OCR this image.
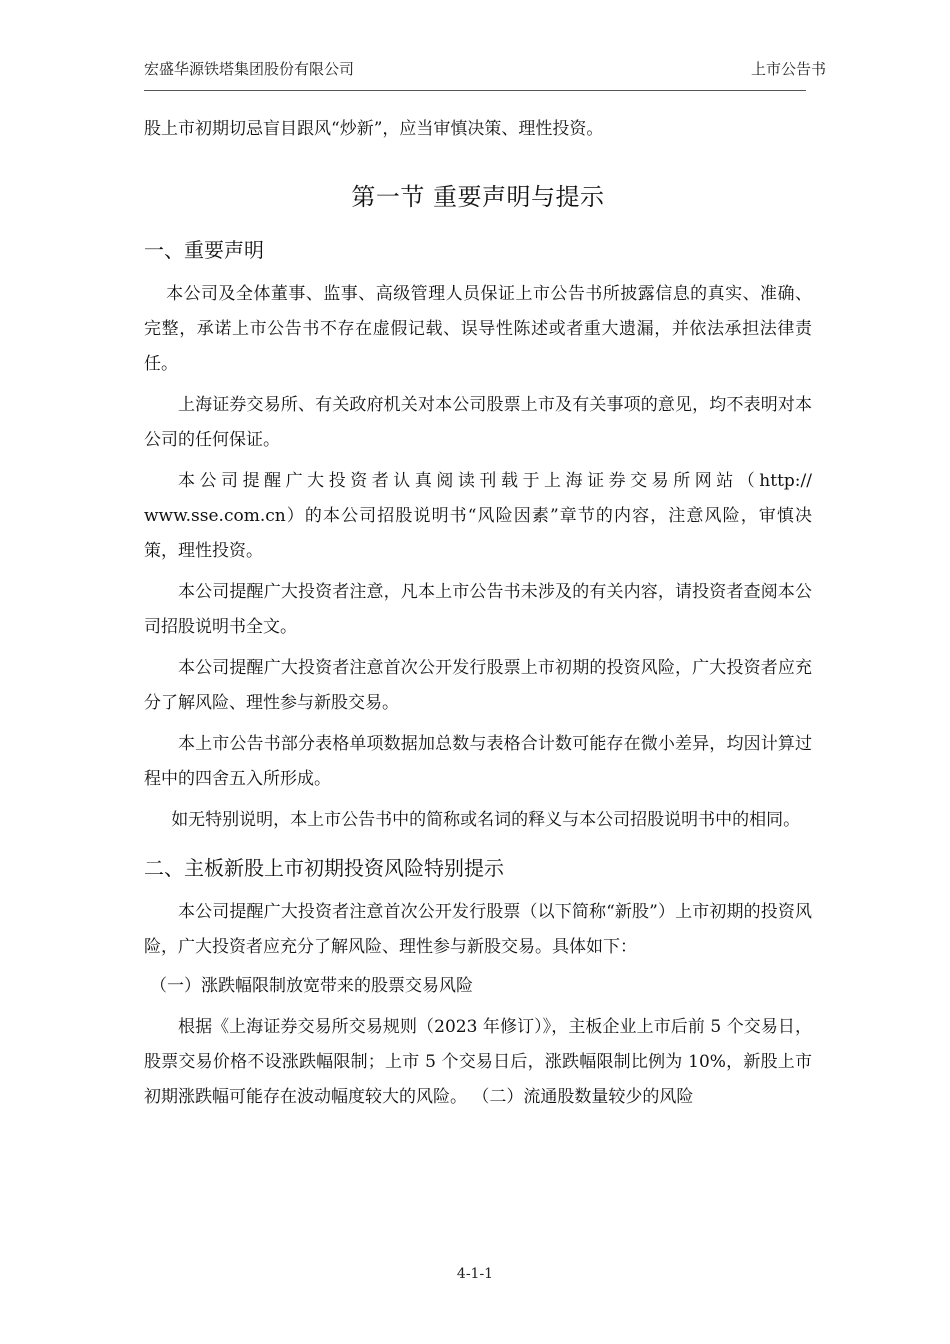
宏盛华源铁塔集团股份有限公司	上市公告书

股上市初期切忌盲目跟风“炒新”，应当审慎决策、理性投资。

第一节 重要声明与提示
一、重要声明

本公司及全体董事、监事、高级管理人员保证上市公告书所披露信息的真实、准确、完整，承诺上市公告书不存在虚假记载、误导性陈述或者重大遗漏，并依法承担法律责任。

上海证券交易所、有关政府机关对本公司股票上市及有关事项的意见，均不表明对本公司的任何保证。

本公司提醒广大投资者认真阅读刊载于上海证券交易所网站（http:// www.sse.com.cn）的本公司招股说明书“风险因素”章节的内容，注意风险，审慎决策，理性投资。

本公司提醒广大投资者注意，凡本上市公告书未涉及的有关内容，请投资者查阅本公司招股说明书全文。

本公司提醒广大投资者注意首次公开发行股票上市初期的投资风险，广大投资者应充分了解风险、理性参与新股交易。

本上市公告书部分表格单项数据加总数与表格合计数可能存在微小差异，均因计算过程中的四舍五入所形成。

如无特别说明，本上市公告书中的简称或名词的释义与本公司招股说明书中的相同。

二、主板新股上市初期投资风险特别提示

本公司提醒广大投资者注意首次公开发行股票（以下简称“新股”）上市初期的投资风险，广大投资者应充分了解风险、理性参与新股交易。具体如下：

（一）涨跌幅限制放宽带来的股票交易风险

根据《上海证券交易所交易规则（2023 年修订）》，主板企业上市后前 5 个交易日，股票交易价格不设涨跌幅限制；上市 5 个交易日后，涨跌幅限制比例为 10%，新股上市初期涨跌幅可能存在波动幅度较大的风险。 （二）流通股数量较少的风险

4-1-1
